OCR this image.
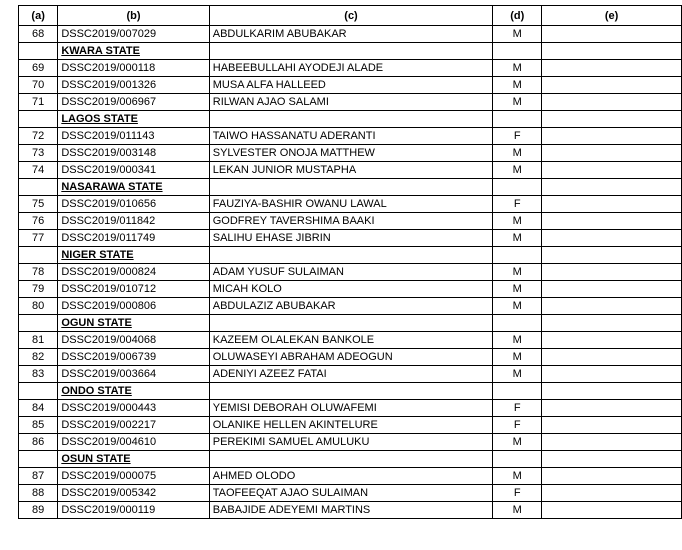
(a)	(b)	(c)	(d)	(e)
68	DSSC2019/007029	ABDULKARIM ABUBAKAR	M	
	KWARA STATE			
69	DSSC2019/000118	HABEEBULLAHI AYODEJI ALADE	M	
70	DSSC2019/001326	MUSA ALFA HALLEED	M	
71	DSSC2019/006967	RILWAN AJAO SALAMI	M	
	LAGOS STATE			
72	DSSC2019/011143	TAIWO HASSANATU ADERANTI	F	
73	DSSC2019/003148	SYLVESTER ONOJA MATTHEW	M	
74	DSSC2019/000341	LEKAN JUNIOR MUSTAPHA	M	
	NASARAWA STATE			
75	DSSC2019/010656	FAUZIYA-BASHIR OWANU LAWAL	F	
76	DSSC2019/011842	GODFREY TAVERSHIMA BAAKI	M	
77	DSSC2019/011749	SALIHU EHASE JIBRIN	M	
	NIGER STATE			
78	DSSC2019/000824	ADAM YUSUF SULAIMAN	M	
79	DSSC2019/010712	MICAH KOLO	M	
80	DSSC2019/000806	ABDULAZIZ ABUBAKAR	M	
	OGUN STATE			
81	DSSC2019/004068	KAZEEM OLALEKAN BANKOLE	M	
82	DSSC2019/006739	OLUWASEYI ABRAHAM ADEOGUN	M	
83	DSSC2019/003664	ADENIYI AZEEZ FATAI	M	
	ONDO STATE			
84	DSSC2019/000443	YEMISI DEBORAH OLUWAFEMI	F	
85	DSSC2019/002217	OLANIKE HELLEN AKINTELURE	F	
86	DSSC2019/004610	PEREKIMI SAMUEL AMULUKU	M	
	OSUN STATE			
87	DSSC2019/000075	AHMED OLODO	M	
88	DSSC2019/005342	TAOFEEQAT AJAO SULAIMAN	F	
89	DSSC2019/000119	BABAJIDE ADEYEMI MARTINS	M	
